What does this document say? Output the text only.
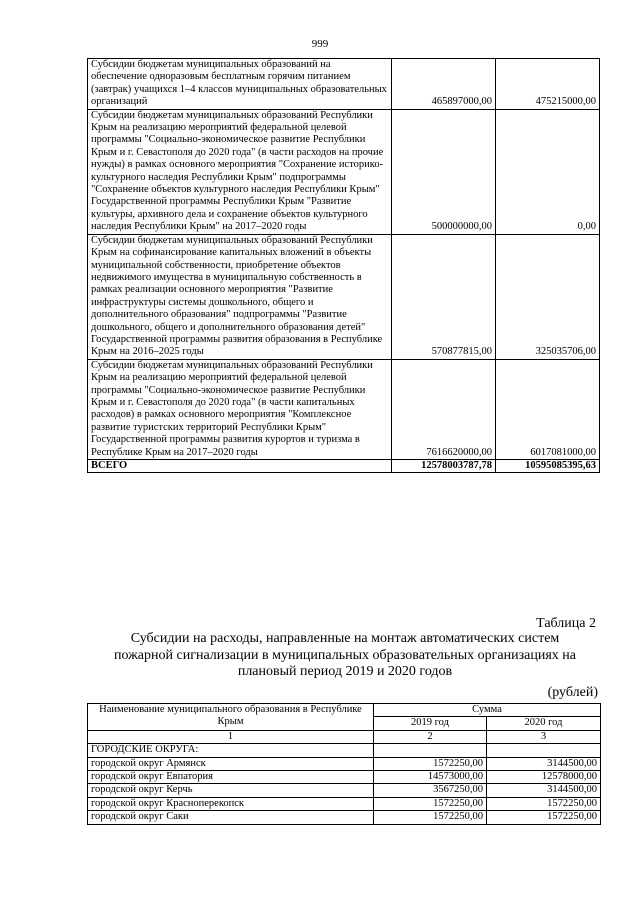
999
Субсидии бюджетам муниципальных образований на обеспечение одноразовым бесплатным горячим питанием (завтрак) учащихся 1–4 классов муниципальных образовательных организаций	465897000,00	475215000,00
Субсидии бюджетам муниципальных образований Республики Крым на реализацию мероприятий федеральной целевой программы "Социально-экономическое развитие Республики Крым и г. Севастополя до 2020 года" (в части расходов на прочие нужды) в рамках основного мероприятия "Сохранение историко-культурного наследия Республики Крым" подпрограммы "Сохранение объектов культурного наследия Республики Крым" Государственной программы Республики Крым "Развитие культуры, архивного дела и сохранение объектов культурного наследия Республики Крым" на 2017–2020 годы	500000000,00	0,00
Субсидии бюджетам муниципальных образований Республики Крым на софинансирование капитальных вложений в объекты муниципальной собственности, приобретение объектов недвижимого имущества в муниципальную собственность в рамках реализации основного мероприятия "Развитие инфраструктуры системы дошкольного, общего и дополнительного образования" подпрограммы "Развитие дошкольного, общего и дополнительного образования детей" Государственной программы развития образования в Республике Крым на 2016–2025 годы	570877815,00	325035706,00
Субсидии бюджетам муниципальных образований Республики Крым на реализацию мероприятий федеральной целевой программы "Социально-экономическое развитие Республики Крым и г. Севастополя до 2020 года" (в части капитальных расходов) в рамках основного мероприятия "Комплексное развитие туристских территорий Республики Крым" Государственной программы развития курортов и туризма в Республике Крым на 2017–2020 годы	7616620000,00	6017081000,00
ВСЕГО	12578003787,78	10595085395,63
Таблица 2
Субсидии на расходы, направленные на монтаж автоматических систем пожарной сигнализации в муниципальных образовательных организациях на плановый период 2019 и 2020 годов
(рублей)
Наименование муниципального образования в Республике Крым	Сумма	
	2019 год	2020 год
1	2	3
ГОРОДСКИЕ ОКРУГА:		
городской округ Армянск	1572250,00	3144500,00
городской округ Евпатория	14573000,00	12578000,00
городской округ Керчь	3567250,00	3144500,00
городской округ Красноперекопск	1572250,00	1572250,00
городской округ Саки	1572250,00	1572250,00
